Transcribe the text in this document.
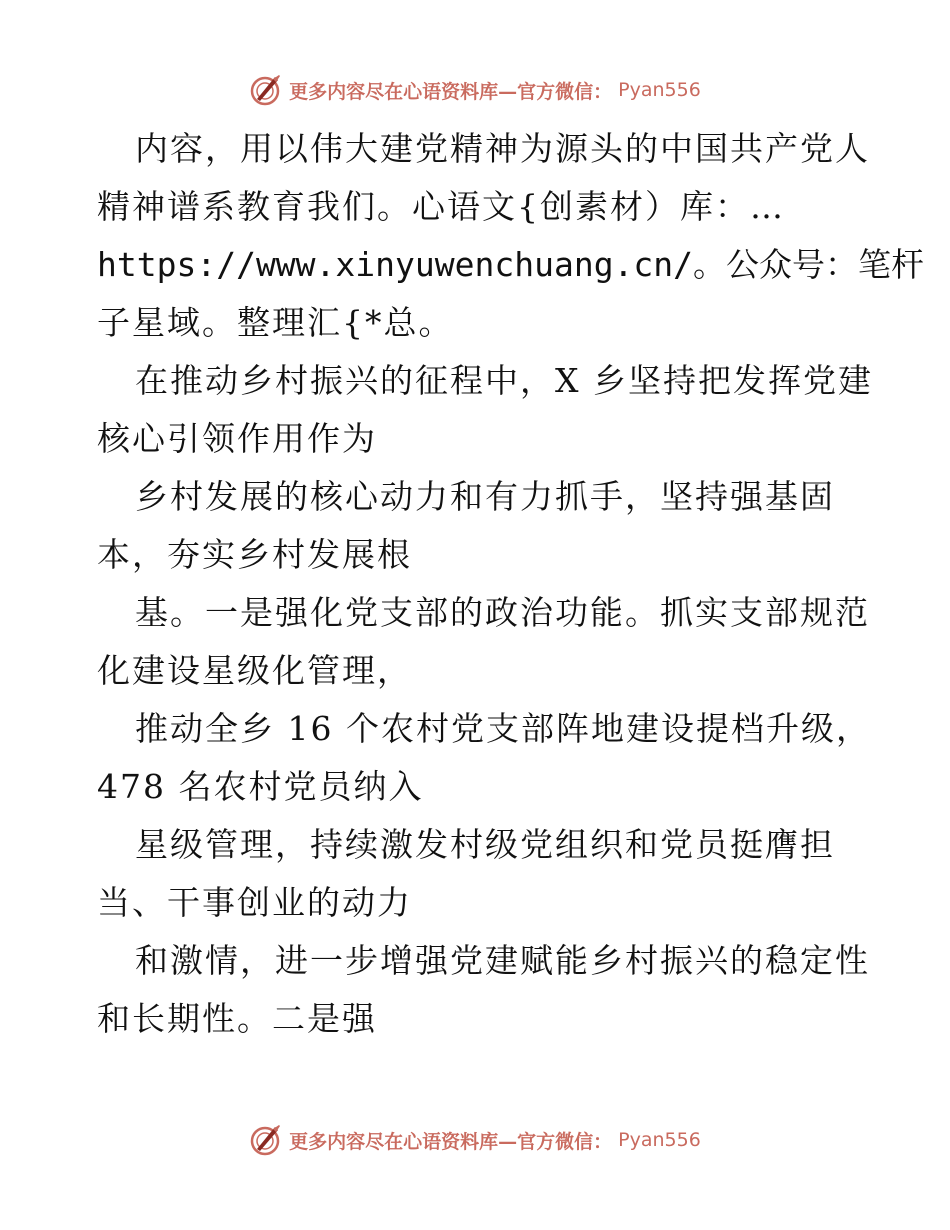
更多内容尽在心语资料库—官方微信： Pyan556
内容，用以伟大建党精神为源头的中国共产党人
精神谱系教育我们。心语文{创素材）库：…
https://www.xinyuwenchuang.cn/。公众号：笔杆
子星域。整理汇{*总。
在推动乡村振兴的征程中，X 乡坚持把发挥党建
核心引领作用作为
乡村发展的核心动力和有力抓手，坚持强基固
本，夯实乡村发展根
基。一是强化党支部的政治功能。抓实支部规范
化建设星级化管理，
推动全乡 16 个农村党支部阵地建设提档升级，
478 名农村党员纳入
星级管理，持续激发村级党组织和党员挺膺担
当、干事创业的动力
和激情，进一步增强党建赋能乡村振兴的稳定性
和长期性。二是强
更多内容尽在心语资料库—官方微信： Pyan556
